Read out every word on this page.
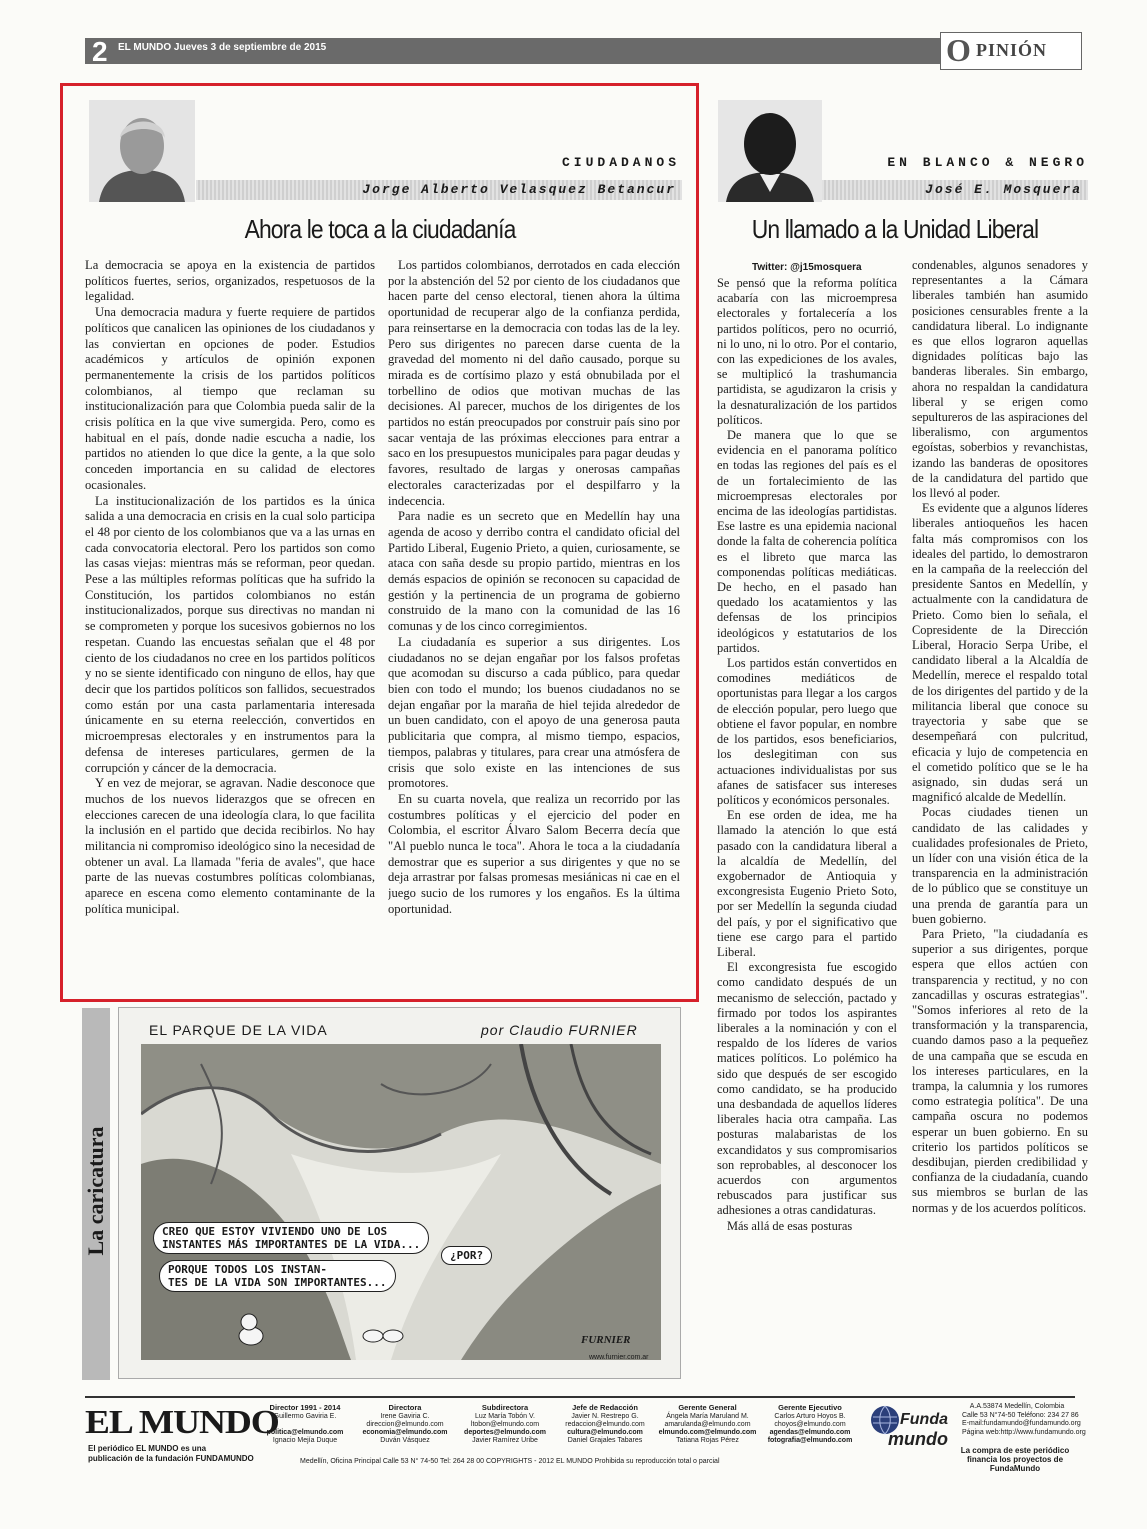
2 EL MUNDO Jueves 3 de septiembre de 2015	O PINIÓN
CIUDADANOS
Jorge Alberto Velasquez Betancur
Ahora le toca a la ciudadanía

La democracia se apoya en la existencia de partidos políticos fuertes, serios, organizados, respetuosos de la legalidad.

Una democracia madura y fuerte requiere de partidos políticos que canalicen las opiniones de los ciudadanos y las conviertan en opciones de poder. Estudios académicos y artículos de opinión exponen permanentemente la crisis de los partidos políticos colombianos, al tiempo que reclaman su institucionalización para que Colombia pueda salir de la crisis política en la que vive sumergida. Pero, como es habitual en el país, donde nadie escucha a nadie, los partidos no atienden lo que dice la gente, a la que solo conceden importancia en su calidad de electores ocasionales.

La institucionalización de los partidos es la única salida a una democracia en crisis en la cual solo participa el 48 por ciento de los colombianos que va a las urnas en cada convocatoria electoral. Pero los partidos son como las casas viejas: mientras más se reforman, peor quedan. Pese a las múltiples reformas políticas que ha sufrido la Constitución, los partidos colombianos no están institucionalizados, porque sus directivas no mandan ni se comprometen y porque los sucesivos gobiernos no los respetan. Cuando las encuestas señalan que el 48 por ciento de los ciudadanos no cree en los partidos políticos y no se siente identificado con ninguno de ellos, hay que decir que los partidos políticos son fallidos, secuestrados como están por una casta parlamentaria interesada únicamente en su eterna reelección, convertidos en microempresas electorales y en instrumentos para la defensa de intereses particulares, germen de la corrupción y cáncer de la democracia.

Y en vez de mejorar, se agravan. Nadie desconoce que muchos de los nuevos liderazgos que se ofrecen en elecciones carecen de una ideología clara, lo que facilita la inclusión en el partido que decida recibirlos. No hay militancia ni compromiso ideológico sino la necesidad de obtener un aval. La llamada "feria de avales", que hace parte de las nuevas costumbres políticas colombianas, aparece en escena como elemento contaminante de la política municipal.

Los partidos colombianos, derrotados en cada elección por la abstención del 52 por ciento de los ciudadanos que hacen parte del censo electoral, tienen ahora la última oportunidad de recuperar algo de la confianza perdida, para reinsertarse en la democracia con todas las de la ley. Pero sus dirigentes no parecen darse cuenta de la gravedad del momento ni del daño causado, porque su mirada es de cortísimo plazo y está obnubilada por el torbellino de odios que motivan muchas de las decisiones. Al parecer, muchos de los dirigentes de los partidos no están preocupados por construir país sino por sacar ventaja de las próximas elecciones para entrar a saco en los presupuestos municipales para pagar deudas y favores, resultado de largas y onerosas campañas electorales caracterizadas por el despilfarro y la indecencia.

Para nadie es un secreto que en Medellín hay una agenda de acoso y derribo contra el candidato oficial del Partido Liberal, Eugenio Prieto, a quien, curiosamente, se ataca con saña desde su propio partido, mientras en los demás espacios de opinión se reconocen su capacidad de gestión y la pertinencia de un programa de gobierno construido de la mano con la comunidad de las 16 comunas y de los cinco corregimientos.

La ciudadanía es superior a sus dirigentes. Los ciudadanos no se dejan engañar por los falsos profetas que acomodan su discurso a cada público, para quedar bien con todo el mundo; los buenos ciudadanos no se dejan engañar por la maraña de hiel tejida alrededor de un buen candidato, con el apoyo de una generosa pauta publicitaria que compra, al mismo tiempo, espacios, tiempos, palabras y titulares, para crear una atmósfera de crisis que solo existe en las intenciones de sus promotores.

En su cuarta novela, que realiza un recorrido por las costumbres políticas y el ejercicio del poder en Colombia, el escritor Álvaro Salom Becerra decía que "Al pueblo nunca le toca". Ahora le toca a la ciudadanía demostrar que es superior a sus dirigentes y que no se deja arrastrar por falsas promesas mesiánicas ni cae en el juego sucio de los rumores y los engaños. Es la última oportunidad.

EN BLANCO & NEGRO
José E. Mosquera
Un llamado a la Unidad Liberal
Twitter: @j15mosquera

Se pensó que la reforma política acabaría con las microempresa electorales y fortalecería a los partidos políticos, pero no ocurrió, ni lo uno, ni lo otro. Por el contario, con las expediciones de los avales, se multiplicó la trashumancia partidista, se agudizaron la crisis y la desnaturalización de los partidos políticos.

De manera que lo que se evidencia en el panorama político en todas las regiones del país es el de un fortalecimiento de las microempresas electorales por encima de las ideologías partidistas. Ese lastre es una epidemia nacional donde la falta de coherencia política es el libreto que marca las componendas políticas mediáticas. De hecho, en el pasado han quedado los acatamientos y las defensas de los principios ideológicos y estatutarios de los partidos.

Los partidos están convertidos en comodines mediáticos de oportunistas para llegar a los cargos de elección popular, pero luego que obtiene el favor popular, en nombre de los partidos, esos beneficiarios, los deslegitiman con sus actuaciones individualistas por sus afanes de satisfacer sus intereses políticos y económicos personales.

En ese orden de idea, me ha llamado la atención lo que está pasado con la candidatura liberal a la alcaldía de Medellín, del exgobernador de Antioquia y excongresista Eugenio Prieto Soto, por ser Medellín la segunda ciudad del país, y por el significativo que tiene ese cargo para el partido Liberal.

El excongresista fue escogido como candidato después de un mecanismo de selección, pactado y firmado por todos los aspirantes liberales a la nominación y con el respaldo de los líderes de varios matices políticos. Lo polémico ha sido que después de ser escogido como candidato, se ha producido una desbandada de aquellos líderes liberales hacia otra campaña. Las posturas malabaristas de los excandidatos y sus compromisarios son reprobables, al desconocer los acuerdos con argumentos rebuscados para justificar sus adhesiones a otras candidaturas.

Más allá de esas posturas

condenables, algunos senadores y representantes a la Cámara liberales también han asumido posiciones censurables frente a la candidatura liberal. Lo indignante es que ellos lograron aquellas dignidades políticas bajo las banderas liberales. Sin embargo, ahora no respaldan la candidatura liberal y se erigen como sepultureros de las aspiraciones del liberalismo, con argumentos egoístas, soberbios y revanchistas, izando las banderas de opositores de la candidatura del partido que los llevó al poder.

Es evidente que a algunos líderes liberales antioqueños les hacen falta más compromisos con los ideales del partido, lo demostraron en la campaña de la reelección del presidente Santos en Medellín, y actualmente con la candidatura de Prieto. Como bien lo señala, el Copresidente de la Dirección Liberal, Horacio Serpa Uribe, el candidato liberal a la Alcaldía de Medellín, merece el respaldo total de los dirigentes del partido y de la militancia liberal que conoce su trayectoria y sabe que se desempeñará con pulcritud, eficacia y lujo de competencia en el cometido político que se le ha asignado, sin dudas será un magnificó alcalde de Medellín.

Pocas ciudades tienen un candidato de las calidades y cualidades profesionales de Prieto, un líder con una visión ética de la transparencia en la administración de lo público que se constituye un una prenda de garantía para un buen gobierno.

Para Prieto, "la ciudadanía es superior a sus dirigentes, porque espera que ellos actúen con transparencia y rectitud, y no con zancadillas y oscuras estrategias". "Somos inferiores al reto de la transformación y la transparencia, cuando damos paso a la pequeñez de una campaña que se escuda en los intereses particulares, en la trampa, la calumnia y los rumores como estrategia política". De una campaña oscura no podemos esperar un buen gobierno. En su criterio los partidos políticos se desdibujan, pierden credibilidad y confianza de la ciudadanía, cuando sus miembros se burlan de las normas y de los acuerdos políticos.

La caricatura
EL PARQUE DE LA VIDA	por Claudio FURNIER
CREO QUE ESTOY VIVIENDO UNO DE LOS
INSTANTES MÁS IMPORTANTES DE LA VIDA...
¿POR?
PORQUE TODOS LOS INSTAN-
TES DE LA VIDA SON IMPORTANTES...
FURNIER
www.furnier.com.ar
EL MUNDO
El periódico EL MUNDO es una
publicación de la fundación FUNDAMUNDO
Director 1991 - 2014
Guillermo Gaviria E.

politica@elmundo.com
Ignacio Mejía Duque
Directora
Irene Gaviria C.
direccion@elmundo.com
economia@elmundo.com
Duván Vásquez
Subdirectora
Luz María Tobón V.
ltobon@elmundo.com
deportes@elmundo.com
Javier Ramírez Uribe
Jefe de Redacción
Javier N. Restrepo G.
redaccion@elmundo.com
cultura@elmundo.com
Daniel Grajales Tabares
Gerente General
Ángela María Maruland M.
amarulanda@elmundo.com
elmundo.com@elmundo.com
Tatiana Rojas Pérez
Gerente Ejecutivo
Carlos Arturo Hoyos B.
choyos@elmundo.com
agendas@elmundo.com
fotografia@elmundo.com
Funda
mundo
A.A.53874 Medellín, Colombia
Calle 53 N°74-50 Teléfono: 234 27 86
E-mail:fundamundo@fundamundo.org
Página web:http://www.fundamundo.org
La compra de este periódico financia los proyectos de FundaMundo
Medellín, Oficina Principal Calle 53 N° 74-50 Tel: 264 28 00 COPYRIGHTS - 2012 EL MUNDO Prohibida su reproducción total o parcial
